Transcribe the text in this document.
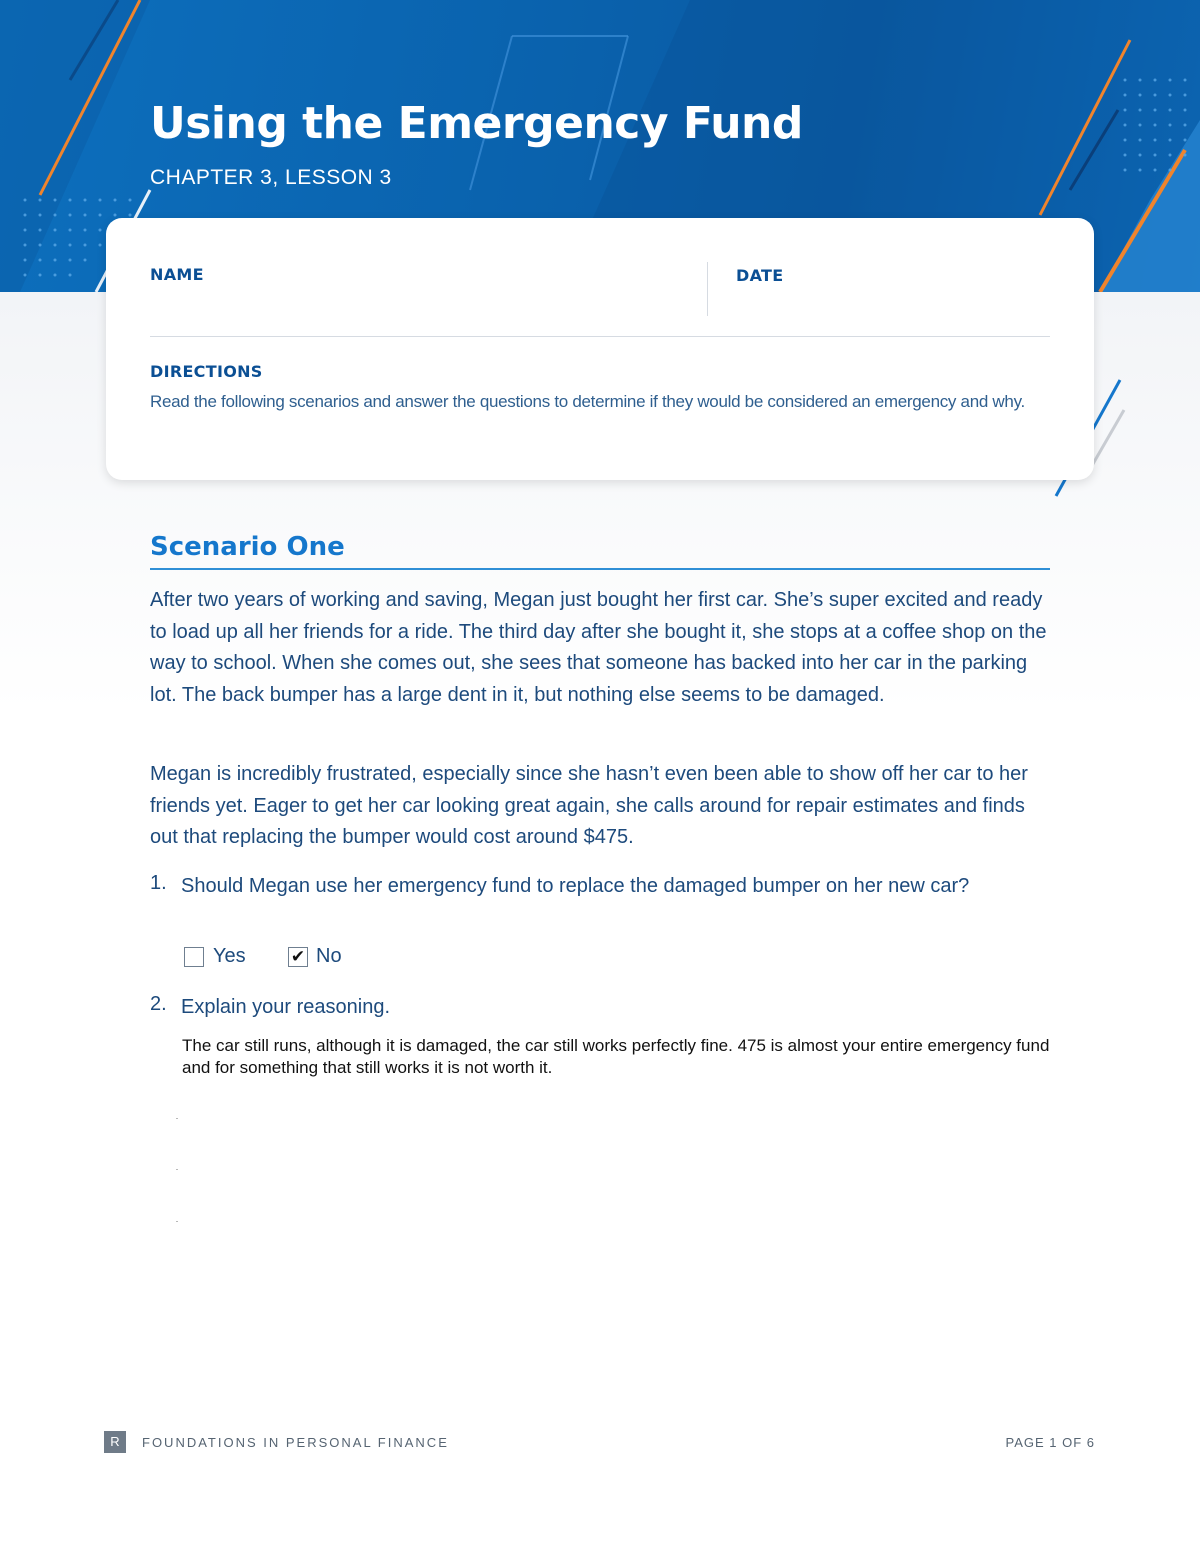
Using the Emergency Fund

CHAPTER 3, LESSON 3

NAME	DATE

DIRECTIONS

Read the following scenarios and answer the questions to determine if they would be considered an emergency and why.

Scenario One

After two years of working and saving, Megan just bought her first car. She’s super excited and ready to load up all her friends for a ride. The third day after she bought it, she stops at a coffee shop on the way to school. When she comes out, she sees that someone has backed into her car in the parking lot. The back bumper has a large dent in it, but nothing else seems to be damaged.

Megan is incredibly frustrated, especially since she hasn’t even been able to show off her car to her friends yet. Eager to get her car looking great again, she calls around for repair estimates and finds out that replacing the bumper would cost around $475.

1. Should Megan use her emergency fund to replace the damaged bumper on her new car?

Yes	✔ No

2. Explain your reasoning.

The car still runs, although it is damaged, the car still works perfectly fine. 475 is almost your entire emergency fund and for something that still works it is not worth it.

R	FOUNDATIONS IN PERSONAL FINANCE	PAGE 1 OF 6
